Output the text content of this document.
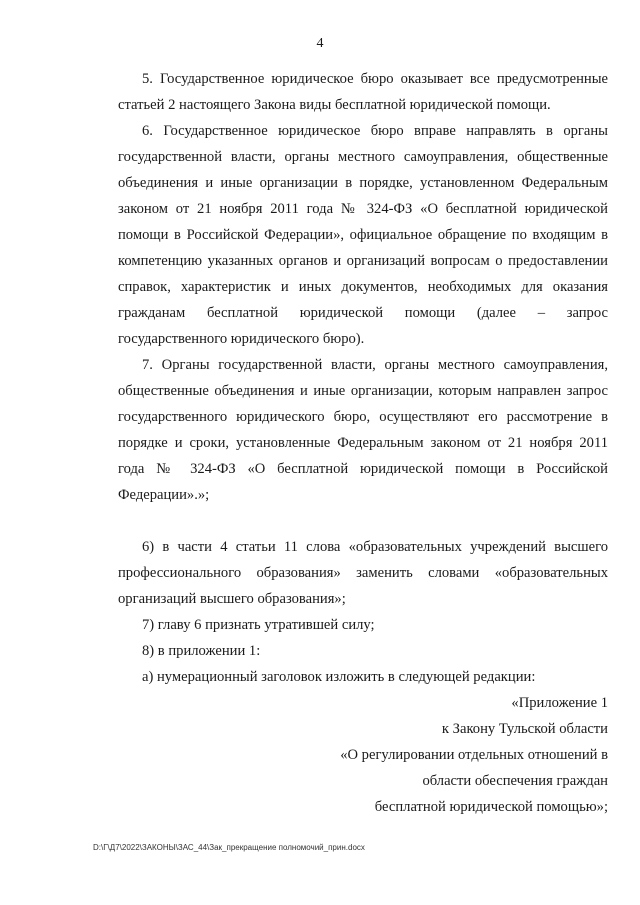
4

5. Государственное юридическое бюро оказывает все предусмотренные статьей 2 настоящего Закона виды бесплатной юридической помощи.

6. Государственное юридическое бюро вправе направлять в органы государственной власти, органы местного самоуправления, общественные объединения и иные организации в порядке, установленном Федеральным законом от 21 ноября 2011 года № 324-ФЗ «О бесплатной юридической помощи в Российской Федерации», официальное обращение по входящим в компетенцию указанных органов и организаций вопросам о предоставлении справок, характеристик и иных документов, необходимых для оказания гражданам бесплатной юридической помощи (далее – запрос государственного юридического бюро).

7. Органы государственной власти, органы местного самоуправления, общественные объединения и иные организации, которым направлен запрос государственного юридического бюро, осуществляют его рассмотрение в порядке и сроки, установленные Федеральным законом от 21 ноября 2011 года № 324-ФЗ «О бесплатной юридической помощи в Российской Федерации».»;

6) в части 4 статьи 11 слова «образовательных учреждений высшего профессионального образования» заменить словами «образовательных организаций высшего образования»;

7) главу 6 признать утратившей силу;

8) в приложении 1:

а) нумерационный заголовок изложить в следующей редакции:

«Приложение 1

к Закону Тульской области

«О регулировании отдельных отношений в

области обеспечения граждан

бесплатной юридической помощью»;

D:\Г\Д7\2022\ЗАКОНЫ\ЗАС_44\Зак_прекращение полномочий_прин.docx
